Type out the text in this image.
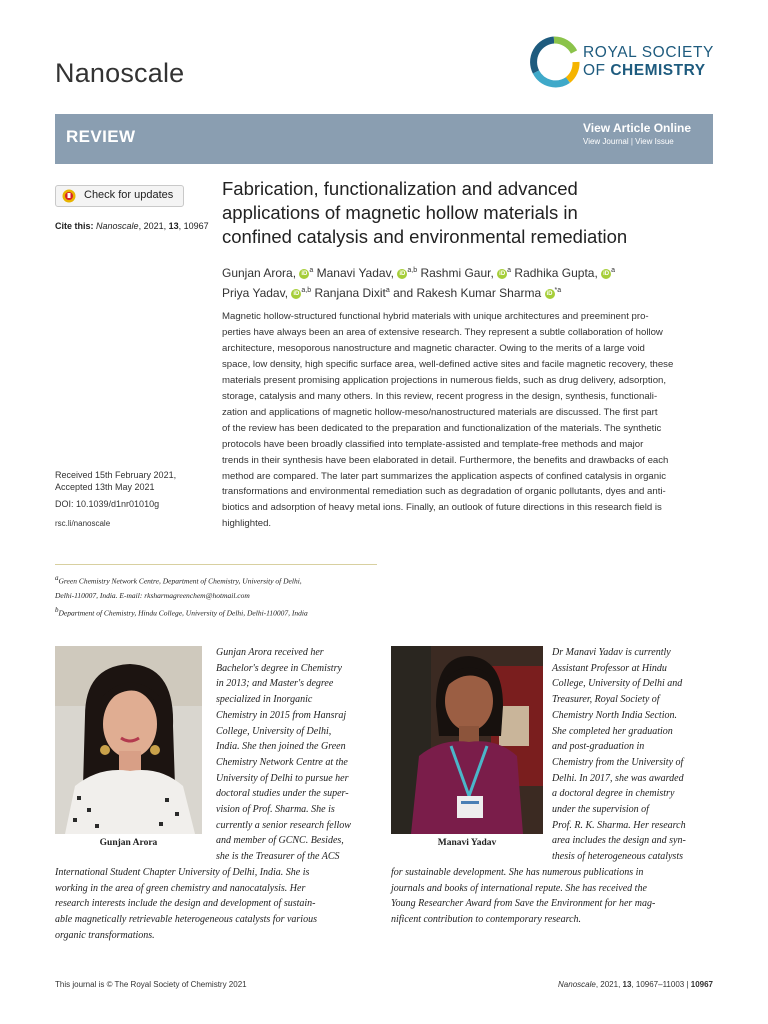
Nanoscale
ROYAL SOCIETY
OF CHEMISTRY
REVIEW	View Article Online
View Journal | View Issue
Check for updates
Cite this: Nanoscale, 2021, 13, 10967
Fabrication, functionalization and advanced
applications of magnetic hollow materials in
confined catalysis and environmental remediation
Gunjan Arora, iD $^a$ Manavi Yadav, iD $^{a,b}$ Rashmi Gaur, iD $^a$ Radhika Gupta, iD $^a$
Priya Yadav, iD $^{a,b}$ Ranjana Dixit$^a$ and Rakesh Kumar Sharma iD $^{*a}$
Magnetic hollow-structured functional hybrid materials with unique architectures and preeminent pro-
perties have always been an area of extensive research. They represent a subtle collaboration of hollow
architecture, mesoporous nanostructure and magnetic character. Owing to the merits of a large void
space, low density, high specific surface area, well-defined active sites and facile magnetic recovery, these
materials present promising application projections in numerous fields, such as drug delivery, adsorption,
storage, catalysis and many others. In this review, recent progress in the design, synthesis, functionali-
zation and applications of magnetic hollow-meso/nanostructured materials are discussed. The first part
of the review has been dedicated to the preparation and functionalization of the materials. The synthetic
protocols have been broadly classified into template-assisted and template-free methods and major
trends in their synthesis have been elaborated in detail. Furthermore, the benefits and drawbacks of each
method are compared. The later part summarizes the application aspects of confined catalysis in organic
transformations and environmental remediation such as degradation of organic pollutants, dyes and anti-
biotics and adsorption of heavy metal ions. Finally, an outlook of future directions in this research field is
highlighted.
Received 15th February 2021,
Accepted 13th May 2021
DOI: 10.1039/d1nr01010g
rsc.li/nanoscale
$^a$Green Chemistry Network Centre, Department of Chemistry, University of Delhi,
Delhi-110007, India. E-mail: rksharmagreenchem@hotmail.com
$^b$Department of Chemistry, Hindu College, University of Delhi, Delhi-110007, India
Gunjan Arora
Gunjan Arora received her
Bachelor's degree in Chemistry
in 2013; and Master's degree
specialized in Inorganic
Chemistry in 2015 from Hansraj
College, University of Delhi,
India. She then joined the Green
Chemistry Network Centre at the
University of Delhi to pursue her
doctoral studies under the super-
vision of Prof. Sharma. She is
currently a senior research fellow
and member of GCNC. Besides,
she is the Treasurer of the ACS
International Student Chapter University of Delhi, India. She is
working in the area of green chemistry and nanocatalysis. Her
research interests include the design and development of sustain-
able magnetically retrievable heterogeneous catalysts for various
organic transformations.
Manavi Yadav
Dr Manavi Yadav is currently
Assistant Professor at Hindu
College, University of Delhi and
Treasurer, Royal Society of
Chemistry North India Section.
She completed her graduation
and post-graduation in
Chemistry from the University of
Delhi. In 2017, she was awarded
a doctoral degree in chemistry
under the supervision of
Prof. R. K. Sharma. Her research
area includes the design and syn-
thesis of heterogeneous catalysts
for sustainable development. She has numerous publications in
journals and books of international repute. She has received the
Young Researcher Award from Save the Environment for her mag-
nificent contribution to contemporary research.
This journal is © The Royal Society of Chemistry 2021	Nanoscale, 2021, 13, 10967–11003 | 10967
